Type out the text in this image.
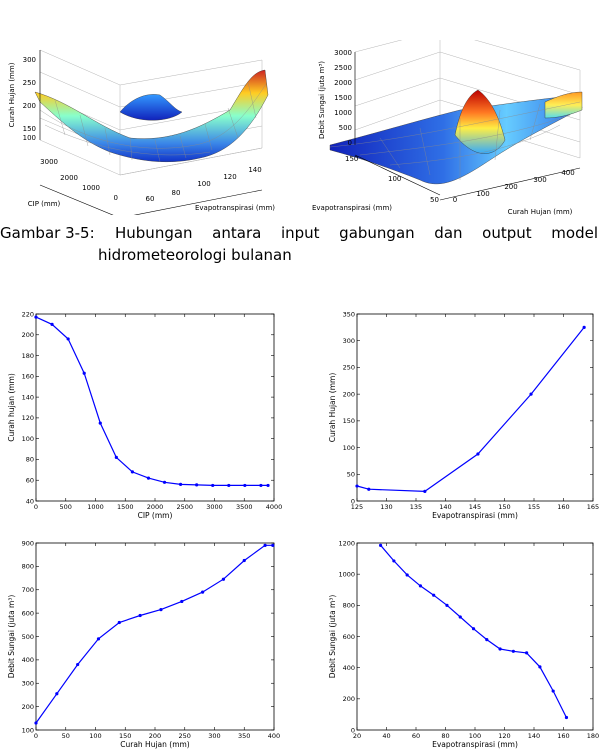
300
250
200
150
100
Curah Hujan (mm)
3000
2000
1000
0
CIP (mm)
60
80
100
120
140
Evapotranspirasi (mm)
3000
2500
2000
1500
1000
500
0
Debit Sungai (juta m³)
150
100
50
Evapotranspirasi (mm)
0
100
200
300
400
Curah Hujan (mm)
Gambar 3-5: Hubungan antara input gabungan dan output model
hidrometeorologi bulanan
0	500 1000 1500 2000 2500 3000 3500 4000
40
60
80
100
120
140
160
180
200
220
CIP (mm)
Curah hujan (mm)
125	130	135	140	145	150	155	160	165
0
50
100
150
200
250
300
350
Evapotranspirasi (mm)
Curah Hujan (mm)
0	50	100	150	200	250	300	350	400
100
200
300
400
500
600
700
800
900
Curah Hujan (mm)
Debit Sungai (juta m³)
20	40	60	80	100	120	140	160	180
0
200
400
600
800
1000
1200
Evapotranspirasi (mm)
Debit Sungai (juta m³)
